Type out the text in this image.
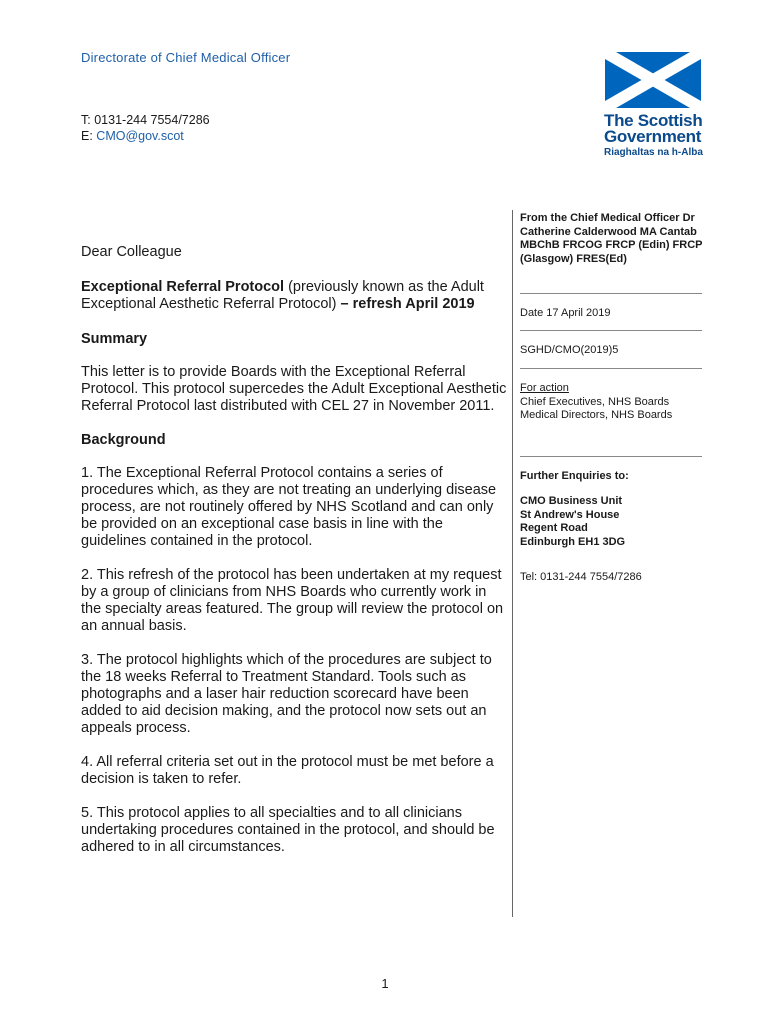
Directorate of Chief Medical Officer
T: 0131-244 7554/7286
E: CMO@gov.scot
The Scottish
Government
Riaghaltas na h-Alba
Dear Colleague
Exceptional Referral Protocol (previously known as the Adult Exceptional Aesthetic Referral Protocol) – refresh April 2019
Summary
This letter is to provide Boards with the Exceptional Referral Protocol. This protocol supercedes the Adult Exceptional Aesthetic Referral Protocol last distributed with CEL 27 in November 2011.
Background
1. The Exceptional Referral Protocol contains a series of procedures which, as they are not treating an underlying disease process, are not routinely offered by NHS Scotland and can only be provided on an exceptional case basis in line with the guidelines contained in the protocol.
2. This refresh of the protocol has been undertaken at my request by a group of clinicians from NHS Boards who currently work in the specialty areas featured. The group will review the protocol on an annual basis.
3. The protocol highlights which of the procedures are subject to the 18 weeks Referral to Treatment Standard. Tools such as photographs and a laser hair reduction scorecard have been added to aid decision making, and the protocol now sets out an appeals process.
4. All referral criteria set out in the protocol must be met before a decision is taken to refer.
5. This protocol applies to all specialties and to all clinicians undertaking procedures contained in the protocol, and should be adhered to in all circumstances.
From the Chief Medical Officer Dr Catherine Calderwood MA Cantab MBChB FRCOG FRCP (Edin) FRCP (Glasgow) FRES(Ed)
Date 17 April 2019
SGHD/CMO(2019)5
For action
Chief Executives, NHS Boards
Medical Directors, NHS Boards
Further Enquiries to:
CMO Business Unit
St Andrew's House
Regent Road
Edinburgh EH1 3DG
Tel: 0131-244 7554/7286
1
